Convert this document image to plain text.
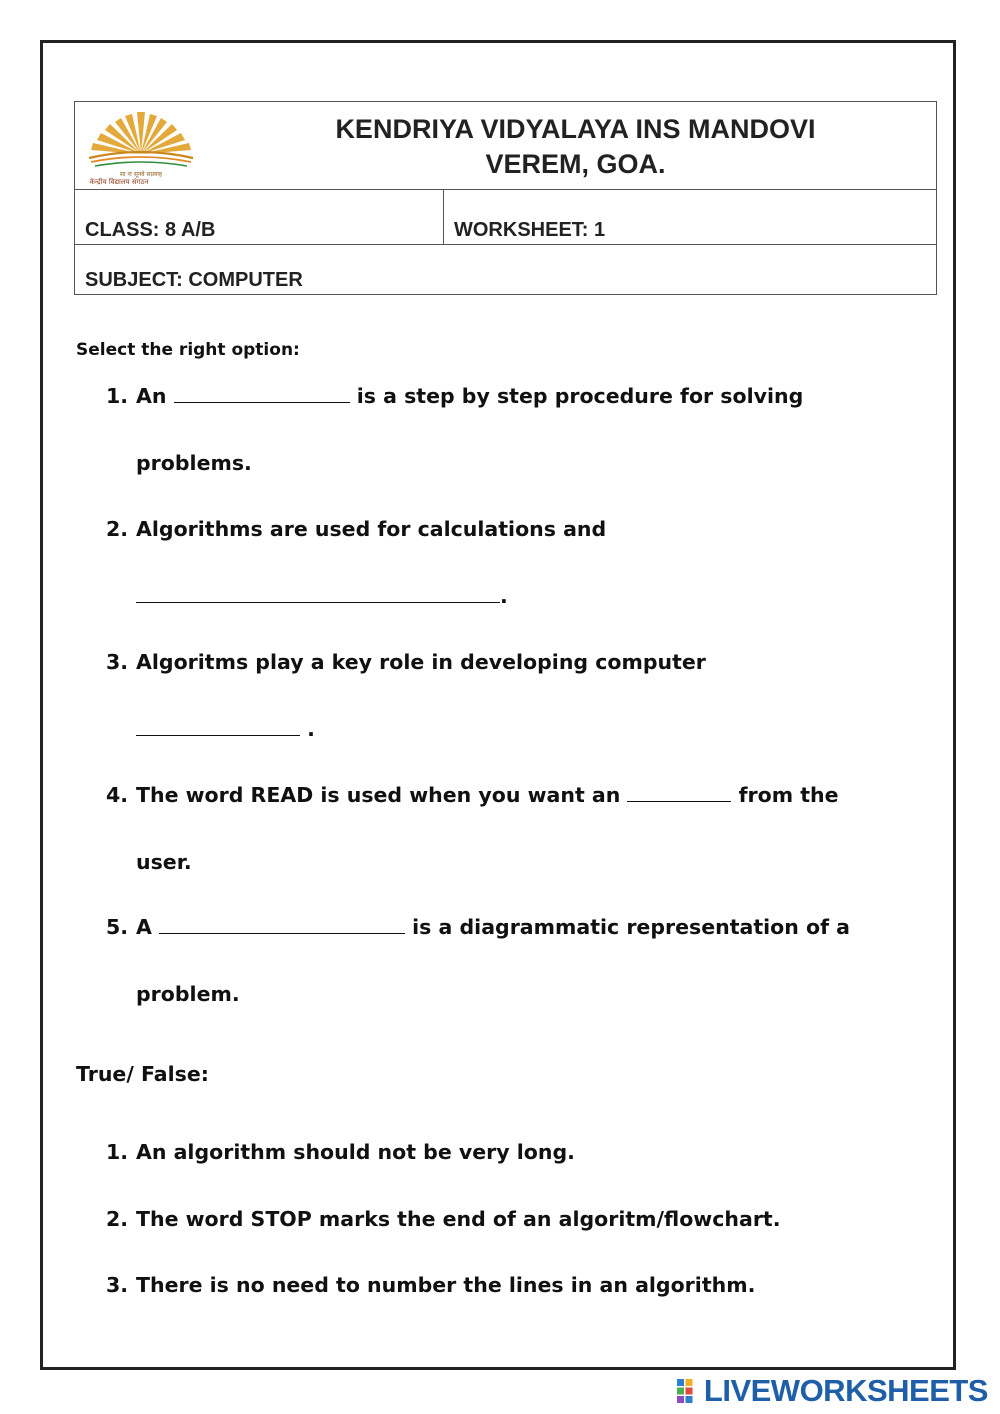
सा नः सूनवे सप्रयक्
केन्द्रीय विद्यालय संगठन
KENDRIYA VIDYALAYA INS MANDOVI
VEREM, GOA.

CLASS: 8 A/B	WORKSHEET: 1
SUBJECT: COMPUTER
Select the right option:
1. An	is a step by step procedure for solving
problems.
2. Algorithms are used for calculations and
.
3. Algoritms play a key role in developing computer
.
4. The word READ is used when you want an	from the
user.
5. A	is a diagrammatic representation of a
problem.
True/ False:
1. An algorithm should not be very long.
2. The word STOP marks the end of an algoritm/flowchart.
3. There is no need to number the lines in an algorithm.
LIVEWORKSHEETS
